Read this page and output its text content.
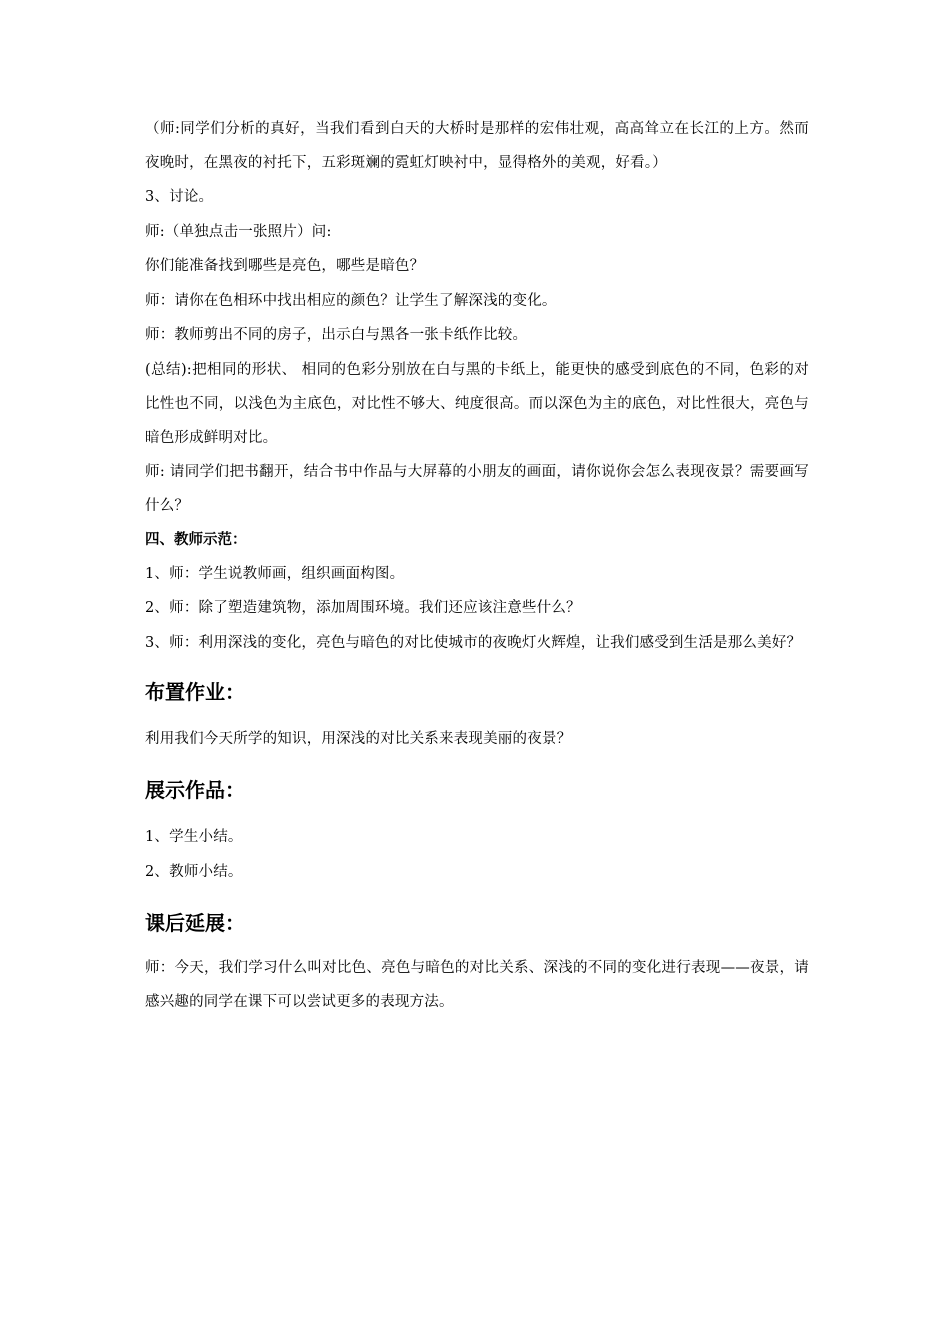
（师:同学们分析的真好，当我们看到白天的大桥时是那样的宏伟壮观，高高耸立在长江的上方。然而夜晚时，在黑夜的衬托下，五彩斑斓的霓虹灯映衬中，显得格外的美观，好看。）

3、讨论。

师:（单独点击一张照片）问:

你们能准备找到哪些是亮色，哪些是暗色？

师：请你在色相环中找出相应的颜色？让学生了解深浅的变化。

师：教师剪出不同的房子，出示白与黑各一张卡纸作比较。

(总结):把相同的形状、 相同的色彩分别放在白与黑的卡纸上，能更快的感受到底色的不同，色彩的对比性也不同，以浅色为主底色，对比性不够大、纯度很高。而以深色为主的底色，对比性很大，亮色与暗色形成鲜明对比。

师: 请同学们把书翻开，结合书中作品与大屏幕的小朋友的画面，请你说你会怎么表现夜景？需要画写什么？

四、教师示范：

1、师：学生说教师画，组织画面构图。

2、师：除了塑造建筑物，添加周围环境。我们还应该注意些什么？

3、师：利用深浅的变化，亮色与暗色的对比使城市的夜晚灯火辉煌，让我们感受到生活是那么美好？

布置作业：

利用我们今天所学的知识，用深浅的对比关系来表现美丽的夜景？

展示作品：

1、学生小结。

2、教师小结。

课后延展：

师：今天，我们学习什么叫对比色、亮色与暗色的对比关系、深浅的不同的变化进行表现——夜景，请感兴趣的同学在课下可以尝试更多的表现方法。
